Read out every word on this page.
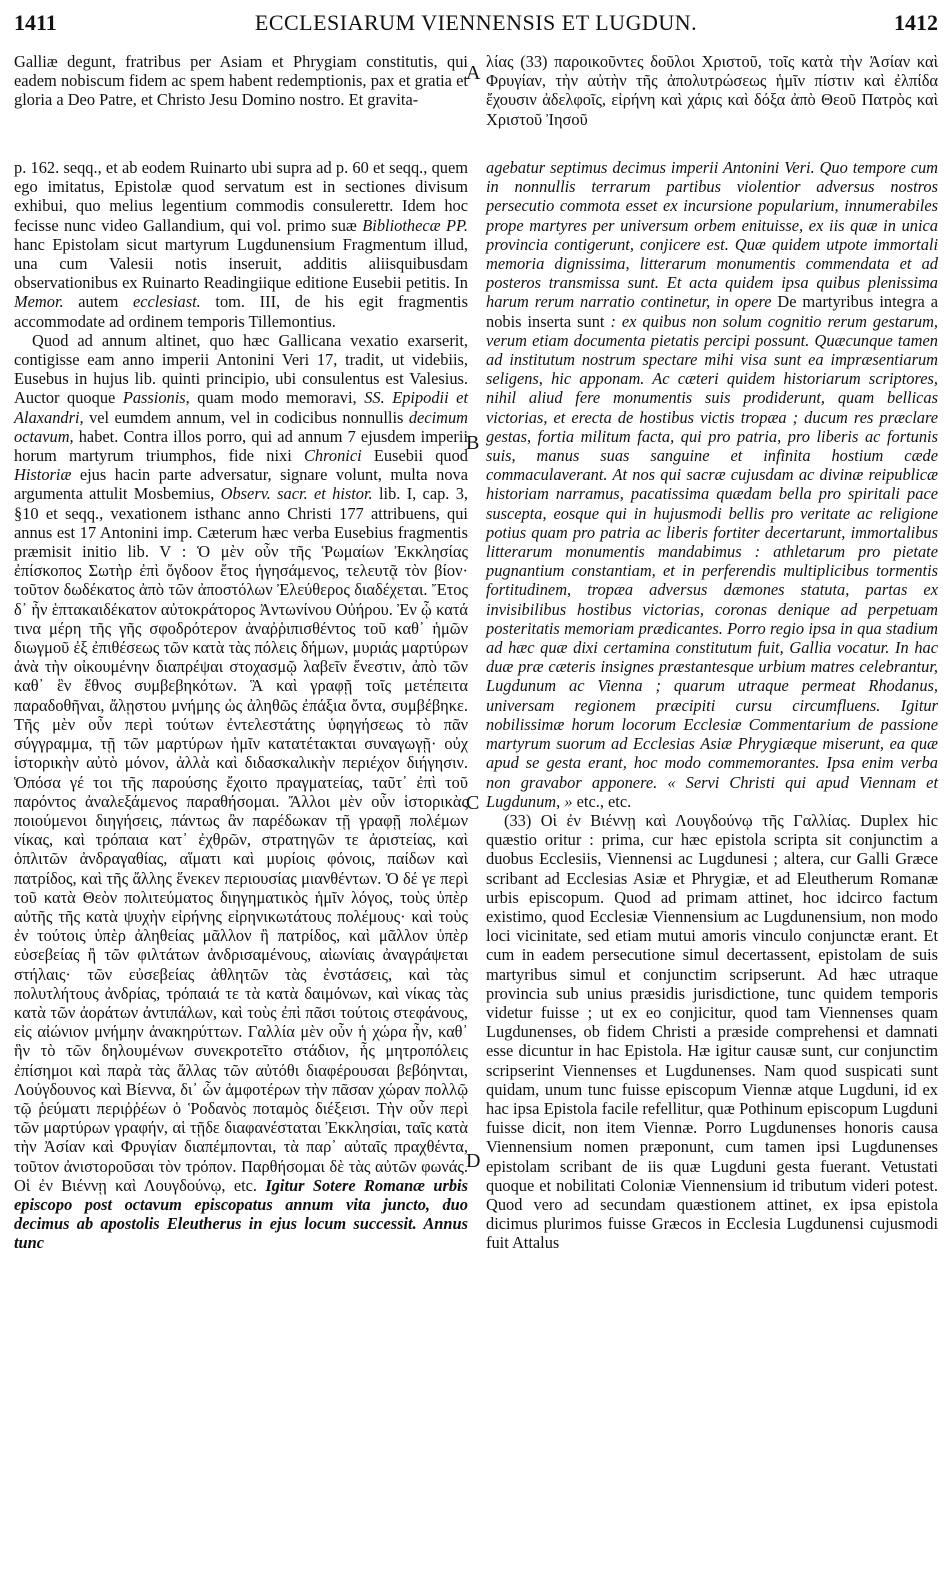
1411	ECCLESIARUM VIENNENSIS ET LUGDUN.	1412
A
B
C
D

Galliæ degunt, fratribus per Asiam et Phrygiam constitutis, qui eadem nobiscum fidem ac spem habent redemptionis, pax et gratia et gloria a Deo Patre, et Christo Jesu Domino nostro. Et gravita-

λίας (33) παροικοῦντες δοῦλοι Χριστοῦ, τοῖς κατὰ τὴν Ἀσίαν καὶ Φρυγίαν, τὴν αὐτὴν τῆς ἀπολυτρώσεως ἡμῖν πίστιν καὶ ἐλπίδα ἔχουσιν ἀδελφοῖς, εἰρήνη καὶ χάρις καὶ δόξα ἀπὸ Θεοῦ Πατρὸς καὶ Χριστοῦ Ἰησοῦ

p. 162. seqq., et ab eodem Ruinarto ubi supra ad p. 60 et seqq., quem ego imitatus, Epistolæ quod servatum est in sectiones divisum exhibui, quo melius legentium commodis consulerettr. Idem hoc fecisse nunc video Gallandium, qui vol. primo suæ Bibliothecæ PP. hanc Epistolam sicut martyrum Lugdunensium Fragmentum illud, una cum Valesii notis inseruit, additis aliisquibusdam observationibus ex Ruinarto Readingiique editione Eusebii petitis. In Memor. autem ecclesiast. tom. III, de his egit fragmentis accommodate ad ordinem temporis Tillemontius.

Quod ad annum altinet, quo hæc Gallicana vexatio exarserit, contigisse eam anno imperii Antonini Veri 17, tradit, ut videbiis, Eusebus in hujus lib. quinti principio, ubi consulentus est Valesius. Auctor quoque Passionis, quam modo memoravi, SS. Epipodii et Alaxandri, vel eumdem annum, vel in codicibus nonnullis decimum octavum, habet. Contra illos porro, qui ad annum 7 ejusdem imperii horum martyrum triumphos, fide nixi Chronici Eusebii quod Historiæ ejus hacin parte adversatur, signare volunt, multa nova argumenta attulit Mosbemius, Observ. sacr. et histor. lib. I, cap. 3, §10 et seqq., vexationem isthanc anno Christi 177 attribuens, qui annus est 17 Antonini imp. Cæterum hæc verba Eusebius fragmentis præmisit initio lib. V : Ὁ μὲν οὖν τῆς Ῥωμαίων Ἐκκλησίας ἐπίσκοπος Σωτὴρ ἐπὶ ὄγδοον ἔτος ἡγησάμενος, τελευτᾷ τὸν βίον· τοῦτον δωδέκατος ἀπὸ τῶν ἀποστόλων Ἐλεύθερος διαδέχεται. Ἔτος δ᾽ ἦν ἑπτακαιδέκατον αὐτοκράτορος Ἀντωνίνου Οὐήρου. Ἐν ᾧ κατά τινα μέρη τῆς γῆς σφοδρότερον ἀναῤῥιπισθέντος τοῦ καθ᾽ ἡμῶν διωγμοῦ ἐξ ἐπιθέσεως τῶν κατὰ τὰς πόλεις δήμων, μυριάς μαρτύρων ἀνὰ τὴν οἰκουμένην διαπρέψαι στοχασμῷ λαβεῖν ἔνεστιν, ἀπὸ τῶν καθ᾽ ἓν ἔθνος συμβεβηκότων. Ἃ καὶ γραφῇ τοῖς μετέπειτα παραδοθῆναι, ἄλῃστου μνήμης ὡς ἀληθῶς ἐπάξια ὄντα, συμβέβηκε. Τῆς μὲν οὖν περὶ τούτων ἐντελεστάτης ὑφηγήσεως τὸ πᾶν σύγγραμμα, τῇ τῶν μαρτύρων ἡμῖν κατατέτακται συναγωγῇ· οὐχ ἱστορικὴν αὐτὸ μόνον, ἀλλὰ καὶ διδασκαλικὴν περιέχον διήγησιν. Ὁπόσα γέ τοι τῆς παρούσης ἔχοιτο πραγματείας, ταῦτ᾽ ἐπὶ τοῦ παρόντος ἀναλεξάμενος παραθήσομαι. Ἄλλοι μὲν οὖν ἱστορικὰς ποιούμενοι διηγήσεις, πάντως ἂν παρέδωκαν τῇ γραφῇ πολέμων νίκας, καὶ τρόπαια κατ᾽ ἐχθρῶν, στρατηγῶν τε ἀριστείας, καὶ ὁπλιτῶν ἀνδραγαθίας, αἵματι καὶ μυρίοις φόνοις, παίδων καὶ πατρίδος, καὶ τῆς ἄλλης ἕνεκεν περιουσίας μιανθέντων. Ὁ δέ γε περὶ τοῦ κατὰ Θεὸν πολιτεύματος διηγηματικὸς ἡμῖν λόγος, τοὺς ὑπὲρ αὐτῆς τῆς κατὰ ψυχὴν εἰρήνης εἰρηνικωτάτους πολέμους· καὶ τοὺς ἐν τούτοις ὑπὲρ ἀληθείας μᾶλλον ἢ πατρίδος, καὶ μᾶλλον ὑπὲρ εὐσεβείας ἢ τῶν φιλτάτων ἀνδρισαμένους, αἰωνίαις ἀναγράψεται στήλαις· τῶν εὐσεβείας ἀθλητῶν τὰς ἐνστάσεις, καὶ τὰς πολυτλήτους ἀνδρίας, τρόπαιά τε τὰ κατὰ δαιμόνων, καὶ νίκας τὰς κατὰ τῶν ἀοράτων ἀντιπάλων, καὶ τοὺς ἐπὶ πᾶσι τούτοις στεφάνους, εἰς αἰώνιον μνήμην ἀνακηρύττων. Γαλλία μὲν οὖν ἡ χώρα ἦν, καθ᾽ ἣν τὸ τῶν δηλουμένων συνεκροτεῖτο στάδιον, ἧς μητροπόλεις ἐπίσημοι καὶ παρὰ τὰς ἄλλας τῶν αὐτόθι διαφέρουσαι βεβόηνται, Λούγδουνος καὶ Βίεννα, δι᾽ ὧν ἀμφοτέρων τὴν πᾶσαν χώραν πολλῷ τῷ ῥεύματι περιῤῥέων ὁ Ῥοδανὸς ποταμὸς διέξεισι. Τὴν οὖν περὶ τῶν μαρτύρων γραφήν, αἱ τῇδε διαφανέσταται Ἐκκλησίαι, ταῖς κατὰ τὴν Ἀσίαν καὶ Φρυγίαν διαπέμπονται, τὰ παρ᾽ αὐταῖς πραχθέντα, τοῦτον ἀνιστοροῦσαι τὸν τρόπον. Παρθήσομαι δὲ τὰς αὐτῶν φωνάς. Οἱ ἐν Βιέννῃ καὶ Λουγδούνῳ, etc. Igitur Sotere Romanæ urbis episcopo post octavum episcopatus annum vita juncto, duo decimus ab apostolis Eleutherus in ejus locum successit. Annus tunc

agebatur septimus decimus imperii Antonini Veri. Quo tempore cum in nonnullis terrarum partibus violentior adversus nostros persecutio commota esset ex incursione popularium, innumerabiles prope martyres per universum orbem enituisse, ex iis quæ in unica provincia contigerunt, conjicere est. Quæ quidem utpote immortali memoria dignissima, litterarum monumentis commendata et ad posteros transmissa sunt. Et acta quidem ipsa quibus plenissima harum rerum narratio continetur, in opere De martyribus integra a nobis inserta sunt : ex quibus non solum cognitio rerum gestarum, verum etiam documenta pietatis percipi possunt. Quæcunque tamen ad institutum nostrum spectare mihi visa sunt ea impræsentiarum seligens, hic apponam. Ac cæteri quidem historiarum scriptores, nihil aliud fere monumentis suis prodiderunt, quam bellicas victorias, et erecta de hostibus victis tropæa ; ducum res præclare gestas, fortia militum facta, qui pro patria, pro liberis ac fortunis suis, manus suas sanguine et infinita hostium cæde commaculaverant. At nos qui sacræ cujusdam ac divinæ reipublicæ historiam narramus, pacatissima quædam bella pro spiritali pace suscepta, eosque qui in hujusmodi bellis pro veritate ac religione potius quam pro patria ac liberis fortiter decertarunt, immortalibus litterarum monumentis mandabimus : athletarum pro pietate pugnantium constantiam, et in perferendis multiplicibus tormentis fortitudinem, tropæa adversus dæmones statuta, partas ex invisibilibus hostibus victorias, coronas denique ad perpetuam posteritatis memoriam prædicantes. Porro regio ipsa in qua stadium ad hæc quæ dixi certamina constitutum fuit, Gallia vocatur. In hac duæ præ cæteris insignes præstantesque urbium matres celebrantur, Lugdunum ac Vienna ; quarum utraque permeat Rhodanus, universam regionem præcipiti cursu circumfluens. Igitur nobilissimæ horum locorum Ecclesiæ Commentarium de passione martyrum suorum ad Ecclesias Asiæ Phrygiæque miserunt, ea quæ apud se gesta erant, hoc modo commemorantes. Ipsa enim verba non gravabor apponere. « Servi Christi qui apud Viennam et Lugdunum, » etc., etc.

(33) Οἱ ἐν Βιέννῃ καὶ Λουγδούνῳ τῆς Γαλλίας. Duplex hic quæstio oritur : prima, cur hæc epistola scripta sit conjunctim a duobus Ecclesiis, Viennensi ac Lugdunesi ; altera, cur Galli Græce scribant ad Ecclesias Asiæ et Phrygiæ, et ad Eleutherum Romanæ urbis episcopum. Quod ad primam attinet, hoc idcirco factum existimo, quod Ecclesiæ Viennensium ac Lugdunensium, non modo loci vicinitate, sed etiam mutui amoris vinculo conjunctæ erant. Et cum in eadem persecutione simul decertassent, epistolam de suis martyribus simul et conjunctim scripserunt. Ad hæc utraque provincia sub unius præsidis jurisdictione, tunc quidem temporis videtur fuisse ; ut ex eo conjicitur, quod tam Viennenses quam Lugdunenses, ob fidem Christi a præside comprehensi et damnati esse dicuntur in hac Epistola. Hæ igitur causæ sunt, cur conjunctim scripserint Viennenses et Lugdunenses. Nam quod suspicati sunt quidam, unum tunc fuisse episcopum Viennæ atque Lugduni, id ex hac ipsa Epistola facile refellitur, quæ Pothinum episcopum Lugduni fuisse dicit, non item Viennæ. Porro Lugdunenses honoris causa Viennensium nomen præponunt, cum tamen ipsi Lugdunenses epistolam scribant de iis quæ Lugduni gesta fuerant. Vetustati quoque et nobilitati Coloniæ Viennensium id tributum videri potest. Quod vero ad secundam quæstionem attinet, ex ipsa epistola dicimus plurimos fuisse Græcos in Ecclesia Lugdunensi cujusmodi fuit Attalus
